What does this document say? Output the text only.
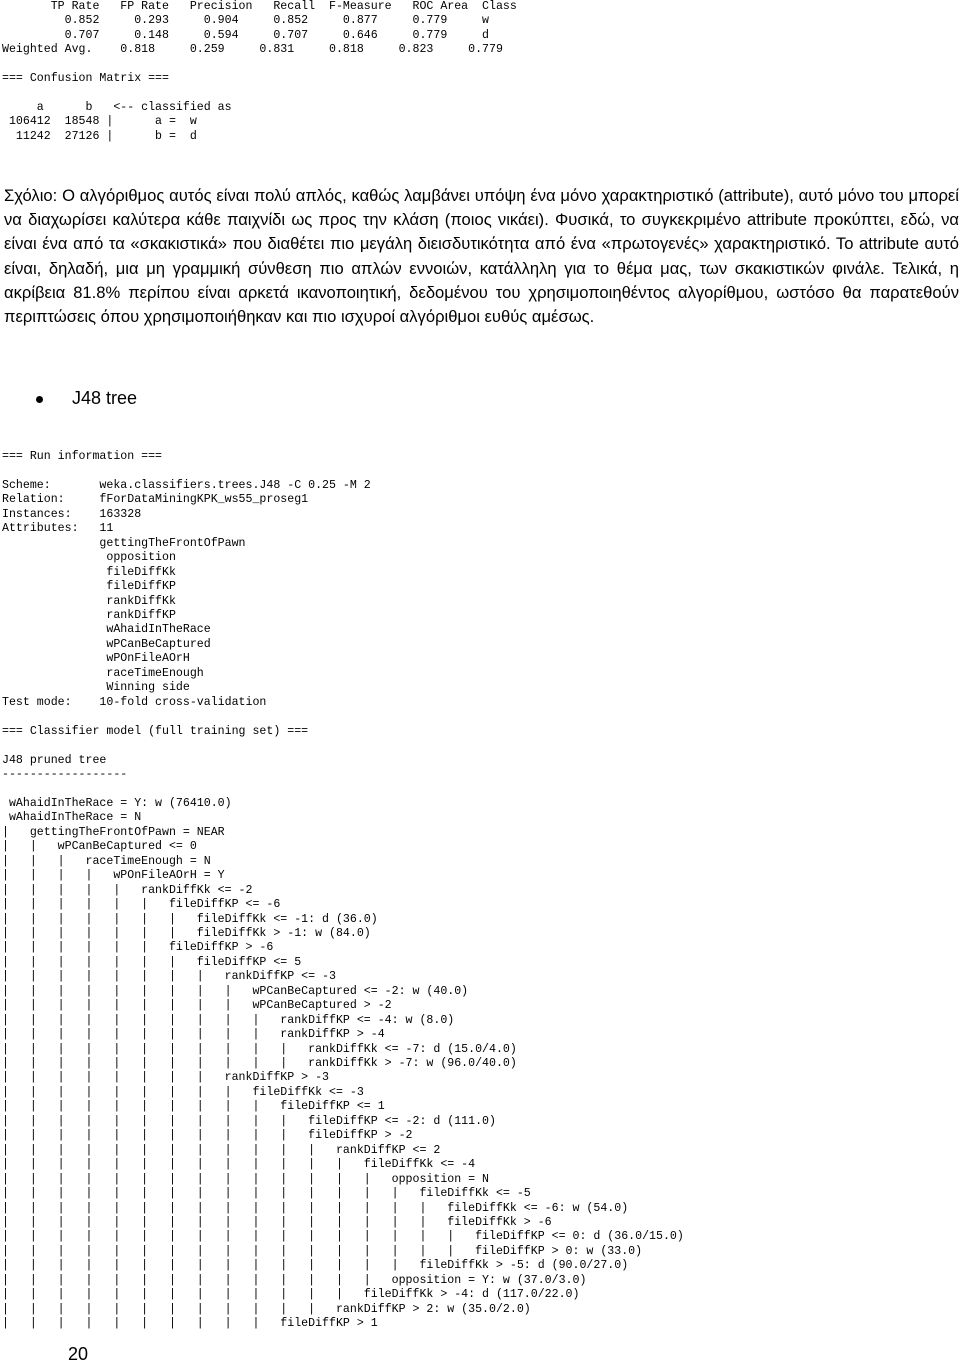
TP Rate   FP Rate   Precision   Recall  F-Measure   ROC Area  Class
0.852     0.293     0.904     0.852     0.877     0.779     w
0.707     0.148     0.594     0.707     0.646     0.779     d
Weighted Avg.    0.818     0.259     0.831     0.818     0.823     0.779
=== Confusion Matrix ===

a      b   <-- classified as
106412  18548 |      a =  w
11242  27126 |      b =  d
Σχόλιο: Ο αλγόριθμος αυτός είναι πολύ απλός, καθώς λαμβάνει υπόψη ένα μόνο χαρακτηριστικό (attribute), αυτό μόνο του μπορεί να διαχωρίσει καλύτερα κάθε παιχνίδι ως προς την κλάση (ποιος νικάει). Φυσικά, το συγκεκριμένο attribute προκύπτει, εδώ, να είναι ένα από τα «σκακιστικά» που διαθέτει πιο μεγάλη διεισδυτικότητα από ένα «πρωτογενές» χαρακτηριστικό. Το attribute αυτό είναι, δηλαδή, μια μη γραμμική σύνθεση πιο απλών εννοιών, κατάλληλη για το θέμα μας, των σκακιστικών φινάλε. Τελικά, η ακρίβεια 81.8% περίπου είναι αρκετά ικανοποιητική, δεδομένου του χρησιμοποιηθέντος αλγορίθμου, ωστόσο θα παρατεθούν περιπτώσεις όπου χρησιμοποιήθηκαν και πιο ισχυροί αλγόριθμοι ευθύς αμέσως.
J48 tree
=== Run information ===

Scheme:       weka.classifiers.trees.J48 -C 0.25 -M 2
Relation:     fForDataMiningKPK_ws55_proseg1
Instances:    163328
Attributes:   11
gettingTheFrontOfPawn
opposition
fileDiffKk
fileDiffKP
rankDiffKk
rankDiffKP
wAhaidInTheRace
wPCanBeCaptured
wPOnFileAOrH
raceTimeEnough
Winning side
Test mode:    10-fold cross-validation

=== Classifier model (full training set) ===

J48 pruned tree
------------------

wAhaidInTheRace = Y: w (76410.0)
wAhaidInTheRace = N
|   gettingTheFrontOfPawn = NEAR
|   |   wPCanBeCaptured <= 0
|   |   |   raceTimeEnough = N
|   |   |   |   wPOnFileAOrH = Y
|   |   |   |   |   rankDiffKk <= -2
|   |   |   |   |   |   fileDiffKP <= -6
|   |   |   |   |   |   |   fileDiffKk <= -1: d (36.0)
|   |   |   |   |   |   |   fileDiffKk > -1: w (84.0)
|   |   |   |   |   |   fileDiffKP > -6
|   |   |   |   |   |   |   fileDiffKP <= 5
|   |   |   |   |   |   |   |   rankDiffKP <= -3
|   |   |   |   |   |   |   |   |   wPCanBeCaptured <= -2: w (40.0)
|   |   |   |   |   |   |   |   |   wPCanBeCaptured > -2
|   |   |   |   |   |   |   |   |   |   rankDiffKP <= -4: w (8.0)
|   |   |   |   |   |   |   |   |   |   rankDiffKP > -4
|   |   |   |   |   |   |   |   |   |   |   rankDiffKk <= -7: d (15.0/4.0)
|   |   |   |   |   |   |   |   |   |   |   rankDiffKk > -7: w (96.0/40.0)
|   |   |   |   |   |   |   |   rankDiffKP > -3
|   |   |   |   |   |   |   |   |   fileDiffKk <= -3
|   |   |   |   |   |   |   |   |   |   fileDiffKP <= 1
|   |   |   |   |   |   |   |   |   |   |   fileDiffKP <= -2: d (111.0)
|   |   |   |   |   |   |   |   |   |   |   fileDiffKP > -2
|   |   |   |   |   |   |   |   |   |   |   |   rankDiffKP <= 2
|   |   |   |   |   |   |   |   |   |   |   |   |   fileDiffKk <= -4
|   |   |   |   |   |   |   |   |   |   |   |   |   |   opposition = N
|   |   |   |   |   |   |   |   |   |   |   |   |   |   |   fileDiffKk <= -5
|   |   |   |   |   |   |   |   |   |   |   |   |   |   |   |   fileDiffKk <= -6: w (54.0)
|   |   |   |   |   |   |   |   |   |   |   |   |   |   |   |   fileDiffKk > -6
|   |   |   |   |   |   |   |   |   |   |   |   |   |   |   |   |   fileDiffKP <= 0: d (36.0/15.0)
|   |   |   |   |   |   |   |   |   |   |   |   |   |   |   |   |   fileDiffKP > 0: w (33.0)
|   |   |   |   |   |   |   |   |   |   |   |   |   |   |   fileDiffKk > -5: d (90.0/27.0)
|   |   |   |   |   |   |   |   |   |   |   |   |   |   opposition = Y: w (37.0/3.0)
|   |   |   |   |   |   |   |   |   |   |   |   |   fileDiffKk > -4: d (117.0/22.0)
|   |   |   |   |   |   |   |   |   |   |   |   rankDiffKP > 2: w (35.0/2.0)
|   |   |   |   |   |   |   |   |   |   fileDiffKP > 1
20
